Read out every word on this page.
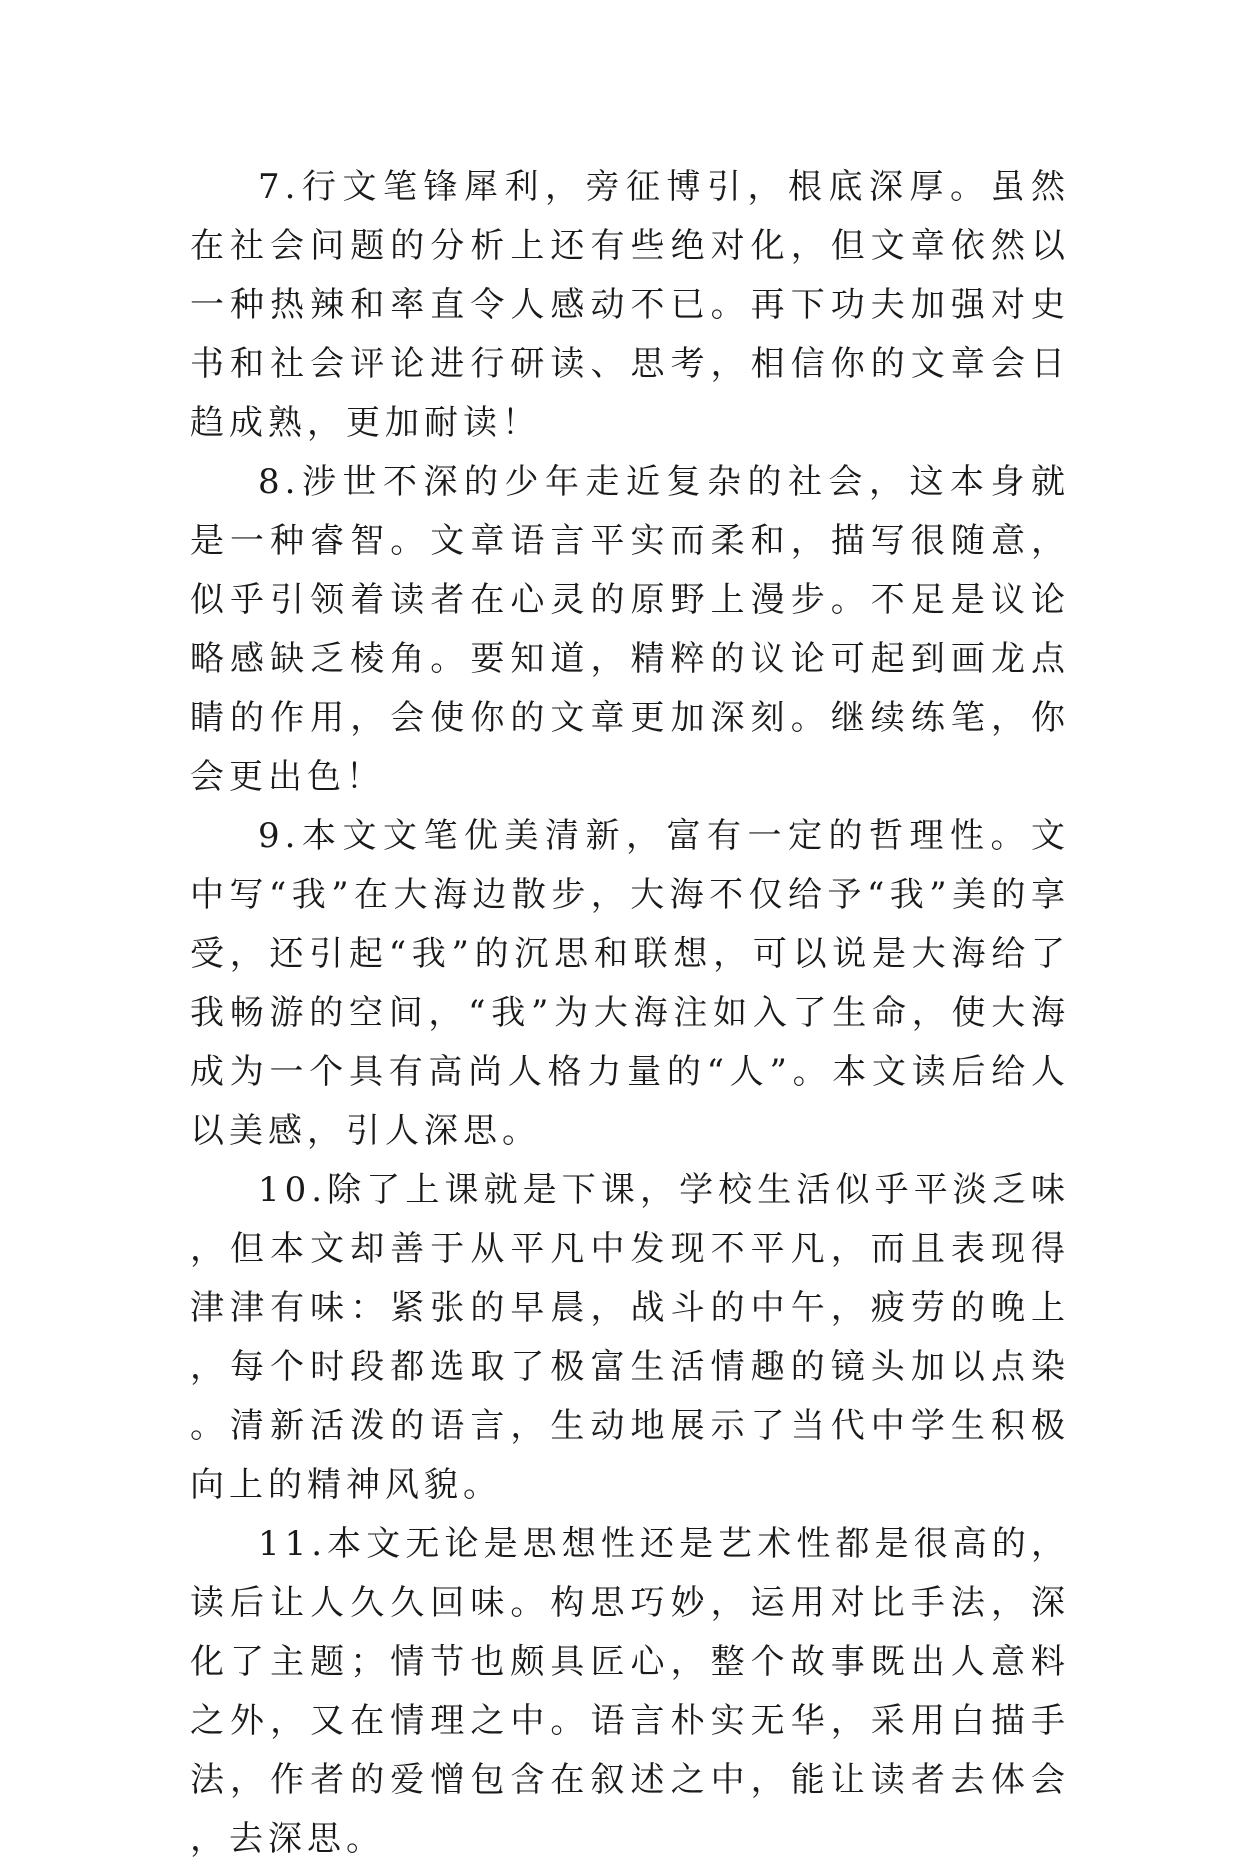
7.行文笔锋犀利，旁征博引，根底深厚。虽然在社会问题的分析上还有些绝对化，但文章依然以一种热辣和率直令人感动不已。再下功夫加强对史书和社会评论进行研读、思考，相信你的文章会日趋成熟，更加耐读！

8.涉世不深的少年走近复杂的社会，这本身就是一种睿智。文章语言平实而柔和，描写很随意，似乎引领着读者在心灵的原野上漫步。不足是议论略感缺乏棱角。要知道，精粹的议论可起到画龙点睛的作用，会使你的文章更加深刻。继续练笔，你会更出色！

9.本文文笔优美清新，富有一定的哲理性。文中写“我”在大海边散步，大海不仅给予“我”美的享受，还引起“我”的沉思和联想，可以说是大海给了我畅游的空间，“我”为大海注如入了生命，使大海成为一个具有高尚人格力量的“人”。本文读后给人以美感，引人深思。

10.除了上课就是下课，学校生活似乎平淡乏味，但本文却善于从平凡中发现不平凡，而且表现得津津有味：紧张的早晨，战斗的中午，疲劳的晚上，每个时段都选取了极富生活情趣的镜头加以点染。清新活泼的语言，生动地展示了当代中学生积极向上的精神风貌。

11.本文无论是思想性还是艺术性都是很高的，读后让人久久回味。构思巧妙，运用对比手法，深化了主题；情节也颇具匠心，整个故事既出人意料之外，又在情理之中。语言朴实无华，采用白描手法，作者的爱憎包含在叙述之中，能让读者去体会，去深思。
